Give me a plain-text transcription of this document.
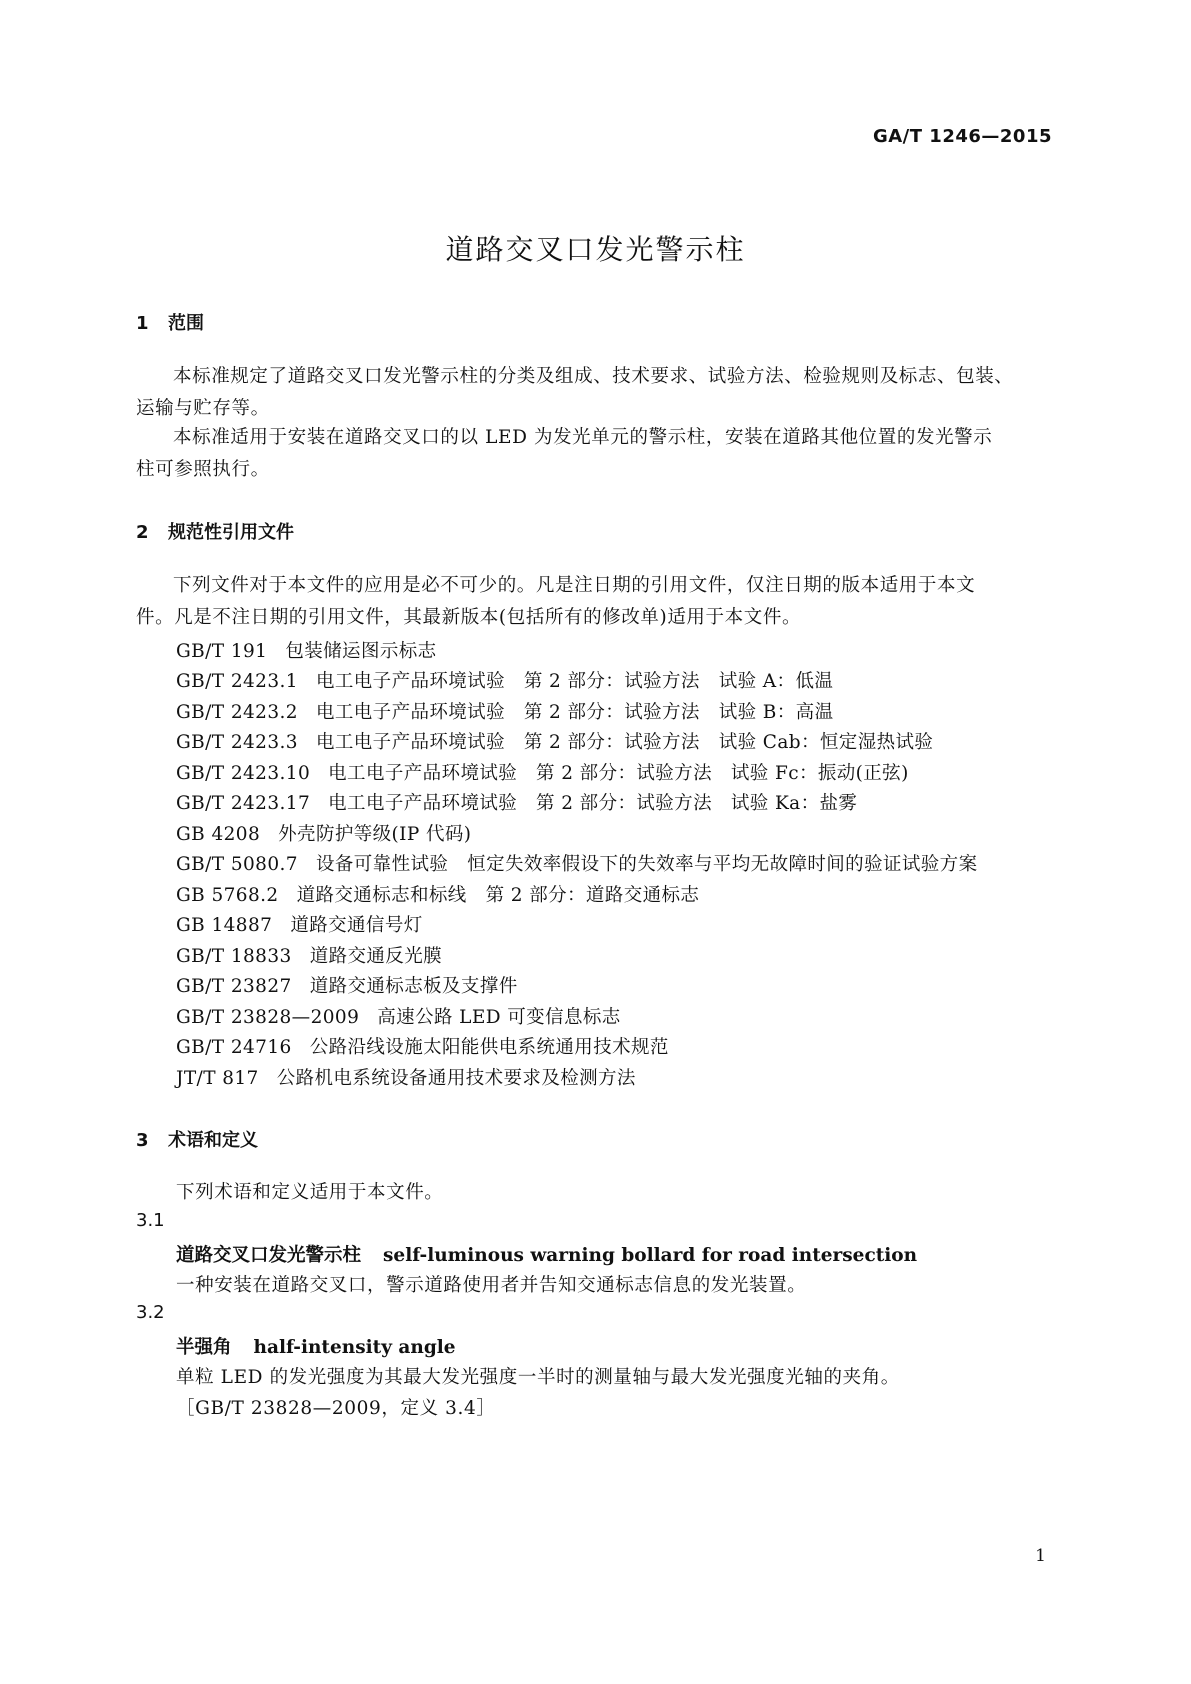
GA/T 1246—2015
道路交叉口发光警示柱
1 范围
本标准规定了道路交叉口发光警示柱的分类及组成、技术要求、试验方法、检验规则及标志、包装、
运输与贮存等。
本标准适用于安装在道路交叉口的以 LED 为发光单元的警示柱，安装在道路其他位置的发光警示
柱可参照执行。
2 规范性引用文件
下列文件对于本文件的应用是必不可少的。凡是注日期的引用文件，仅注日期的版本适用于本文
件。凡是不注日期的引用文件，其最新版本(包括所有的修改单)适用于本文件。
GB/T 191 包装储运图示标志
GB/T 2423.1 电工电子产品环境试验　第 2 部分：试验方法　试验 A：低温
GB/T 2423.2 电工电子产品环境试验　第 2 部分：试验方法　试验 B：高温
GB/T 2423.3 电工电子产品环境试验　第 2 部分：试验方法　试验 Cab：恒定湿热试验
GB/T 2423.10 电工电子产品环境试验　第 2 部分：试验方法　试验 Fc：振动(正弦)
GB/T 2423.17 电工电子产品环境试验　第 2 部分：试验方法　试验 Ka：盐雾
GB 4208 外壳防护等级(IP 代码)
GB/T 5080.7 设备可靠性试验　恒定失效率假设下的失效率与平均无故障时间的验证试验方案
GB 5768.2 道路交通标志和标线　第 2 部分：道路交通标志
GB 14887 道路交通信号灯
GB/T 18833 道路交通反光膜
GB/T 23827 道路交通标志板及支撑件
GB/T 23828—2009 高速公路 LED 可变信息标志
GB/T 24716 公路沿线设施太阳能供电系统通用技术规范
JT/T 817 公路机电系统设备通用技术要求及检测方法
3 术语和定义
下列术语和定义适用于本文件。
3.1
道路交叉口发光警示柱 self-luminous warning bollard for road intersection
一种安装在道路交叉口，警示道路使用者并告知交通标志信息的发光装置。
3.2
半强角 half-intensity angle
单粒 LED 的发光强度为其最大发光强度一半时的测量轴与最大发光强度光轴的夹角。
［GB/T 23828—2009，定义 3.4］
1
